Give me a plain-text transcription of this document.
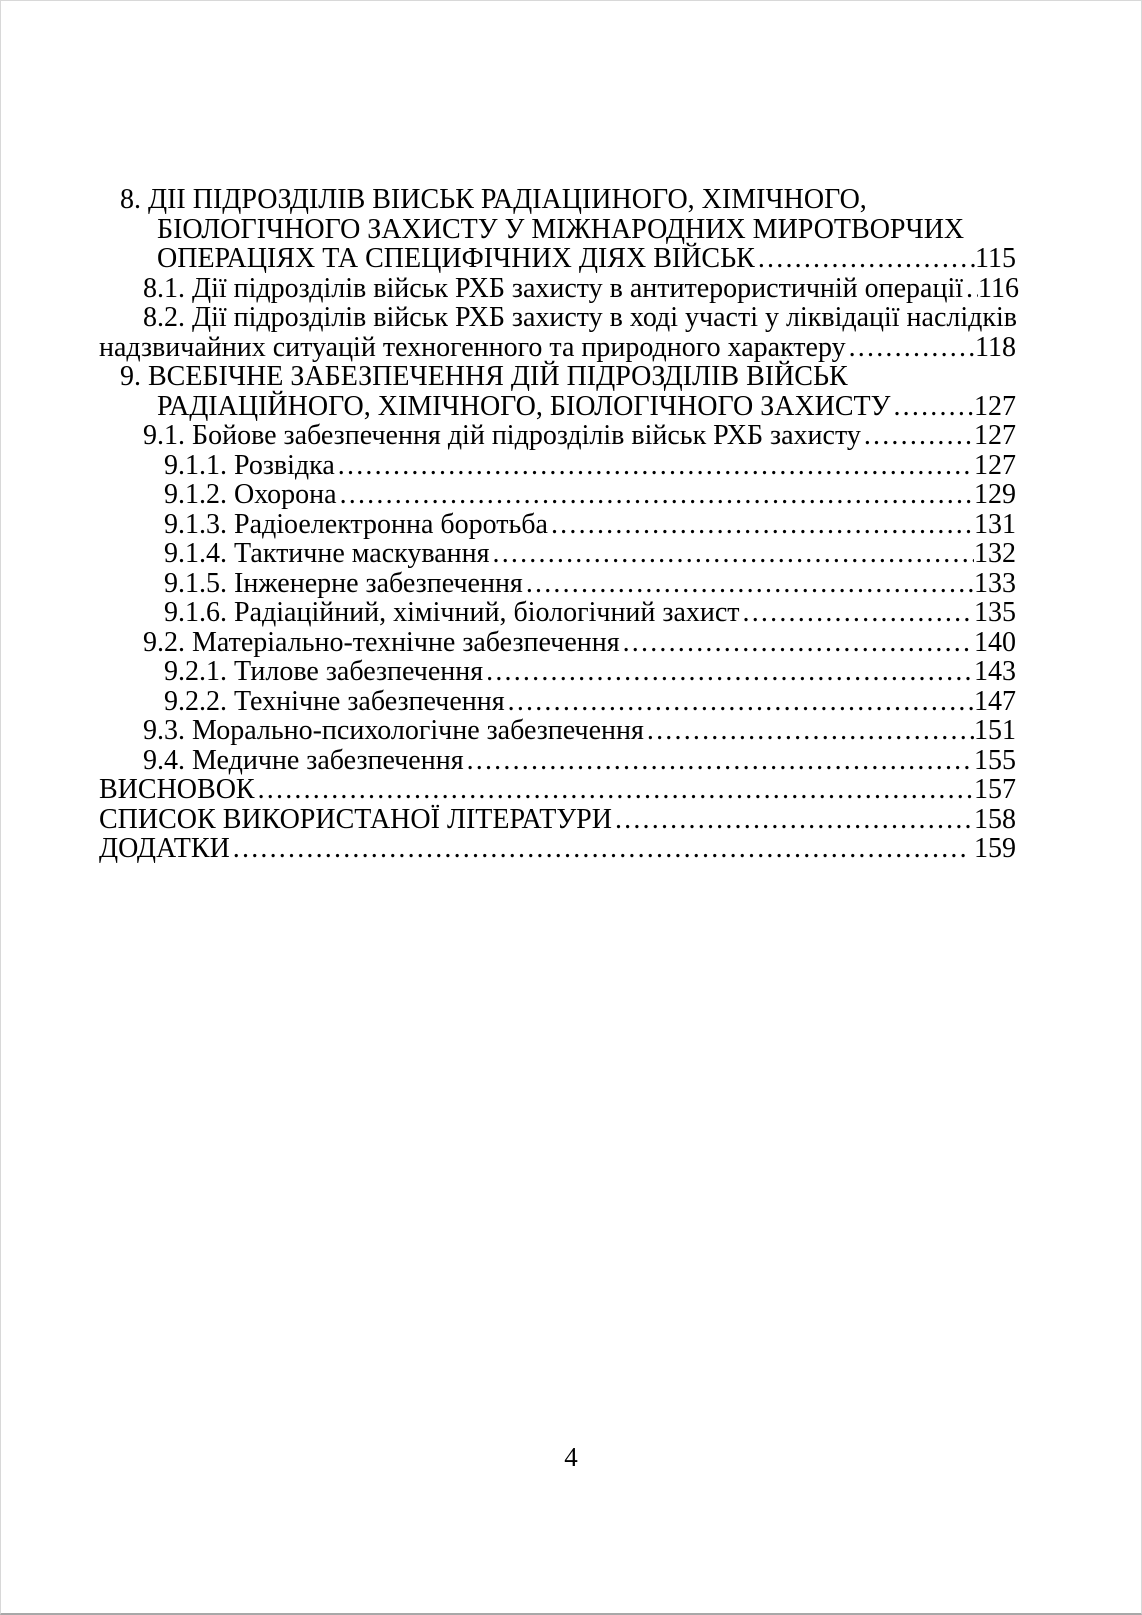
8. ДІІ ПІДРОЗДІЛІВ ВІИСЬК РАДІАЦІИНОГО, ХІМІЧНОГО,
БІОЛОГІЧНОГО ЗАХИСТУ У МІЖНАРОДНИХ МИРОТВОРЧИХ
ОПЕРАЦІЯХ ТА СПЕЦИФІЧНИХ ДІЯХ ВІЙСЬК .....	115
8.1. Дії підрозділів військ РХБ захисту в антитерористичній операції ..... 116
8.2. Дії підрозділів військ РХБ захисту в ході участі у ліквідації наслідків
надзвичайних ситуацій техногенного та природного характеру .....	118
9. ВСЕБІЧНЕ ЗАБЕЗПЕЧЕННЯ ДІЙ ПІДРОЗДІЛІВ ВІЙСЬК
РАДІАЦІЙНОГО, ХІМІЧНОГО, БІОЛОГІЧНОГО ЗАХИСТУ .....	127
9.1. Бойове забезпечення дій підрозділів військ РХБ захисту .....	127
9.1.1. Розвідка .....	127
9.1.2. Охорона .....	129
9.1.3. Радіоелектронна боротьба .....	131
9.1.4. Тактичне маскування .....	132
9.1.5. Інженерне забезпечення .....	133
9.1.6. Радіаційний, хімічний, біологічний захист .....	135
9.2. Матеріально-технічне забезпечення .....	140
9.2.1. Тилове забезпечення .....	143
9.2.2. Технічне забезпечення .....	147
9.3. Морально-психологічне забезпечення .....	151
9.4. Медичне забезпечення .....	155
ВИСНОВОК .....	157
СПИСОК ВИКОРИСТАНОЇ ЛІТЕРАТУРИ .....	158
ДОДАТКИ .....	159
4
